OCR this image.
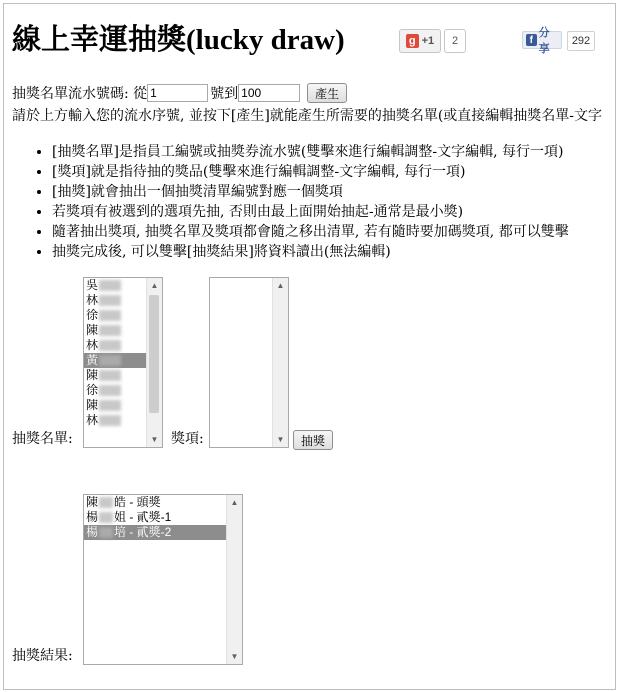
線上幸運抽獎(lucky draw)	g +1	2	f
分享
292
抽獎名單流水號碼: 從
1	號到
100	產生
請於上方輸入您的流水序號, 並按下[產生]就能產生所需要的抽獎名單(或直接編輯抽獎名單-文字
• [抽獎名單]是指員工編號或抽獎券流水號(雙擊來進行編輯調整-文字編輯, 每行一項)
• [獎項]就是指待抽的獎品(雙擊來進行編輯調整-文字編輯, 每行一項)
• [抽獎]就會抽出一個抽獎清單編號對應一個獎項
• 若獎項有被選到的選項先抽, 否則由最上面開始抽起-通常是最小獎)
• 隨著抽出獎項, 抽獎名單及獎項都會隨之移出清單, 若有隨時要加碼獎項, 都可以雙擊
• 抽獎完成後, 可以雙擊[抽獎結果]將資料讀出(無法編輯)
抽獎名單:
吳
林
徐
陳
林
黃
陳
徐
陳
林
▲
▼ 獎項:
▲
▼	抽獎
抽獎結果:
陳 皓 - 頭獎
楊 姐 - 貳獎-1
楊 培 - 貳獎-2
▲
▼
